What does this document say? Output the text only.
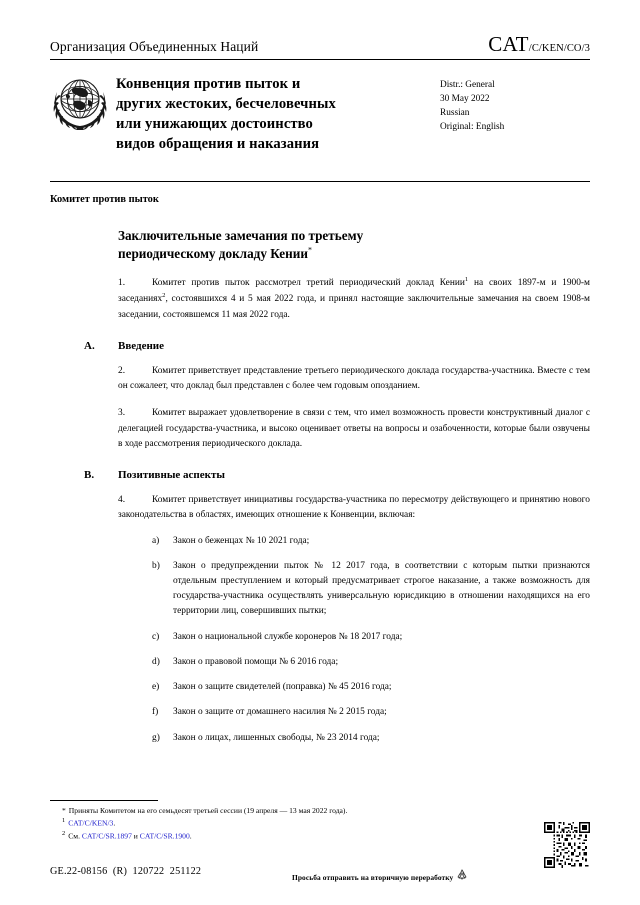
Организация Объединенных Наций	CAT/C/KEN/CO/3
Конвенция против пыток и
других жестоких, бесчеловечных
или унижающих достоинство
видов обращения и наказания
Distr.: General
30 May 2022
Russian
Original: English
Комитет против пыток
Заключительные замечания по третьему
периодическому докладу Кении*
1.	Комитет против пыток рассмотрел третий периодический доклад Кении$^1$ на своих 1897-м и 1900-м заседаниях$^2$, состоявшихся 4 и 5 мая 2022 года, и принял настоящие заключительные замечания на своем 1908-м заседании, состоявшемся 11 мая 2022 года.
A.	Введение
2.	Комитет приветствует представление третьего периодического доклада государства-участника. Вместе с тем он сожалеет, что доклад был представлен с более чем годовым опозданием.
3.	Комитет выражает удовлетворение в связи с тем, что имел возможность провести конструктивный диалог с делегацией государства-участника, и высоко оценивает ответы на вопросы и озабоченности, которые были озвучены в ходе рассмотрения периодического доклада.
B.	Позитивные аспекты
4.	Комитет приветствует инициативы государства-участника по пересмотру действующего и принятию нового законодательства в областях, имеющих отношение к Конвенции, включая:
a)	Закон о беженцах № 10 2021 года;
b)	Закон о предупреждении пыток № 12 2017 года, в соответствии с которым пытки признаются отдельным преступлением и который предусматривает строгое наказание, а также возможность для государства-участника осуществлять универсальную юрисдикцию в отношении находящихся на его территории лиц, совершивших пытки;
c)	Закон о национальной службе коронеров № 18 2017 года;
d)	Закон о правовой помощи № 6 2016 года;
e)	Закон о защите свидетелей (поправка) № 45 2016 года;
f)	Закон о защите от домашнего насилия № 2 2015 года;
g)	Закон о лицах, лишенных свободы, № 23 2014 года;
* Приняты Комитетом на его семьдесят третьей сессии (19 апреля — 13 мая 2022 года).
$^1$ CAT/C/KEN/3.
$^2$ См. CAT/C/SR.1897 и CAT/C/SR.1900.
GE.22-08156  (R)  120722  251122
Просьба отправить на вторичную переработку
